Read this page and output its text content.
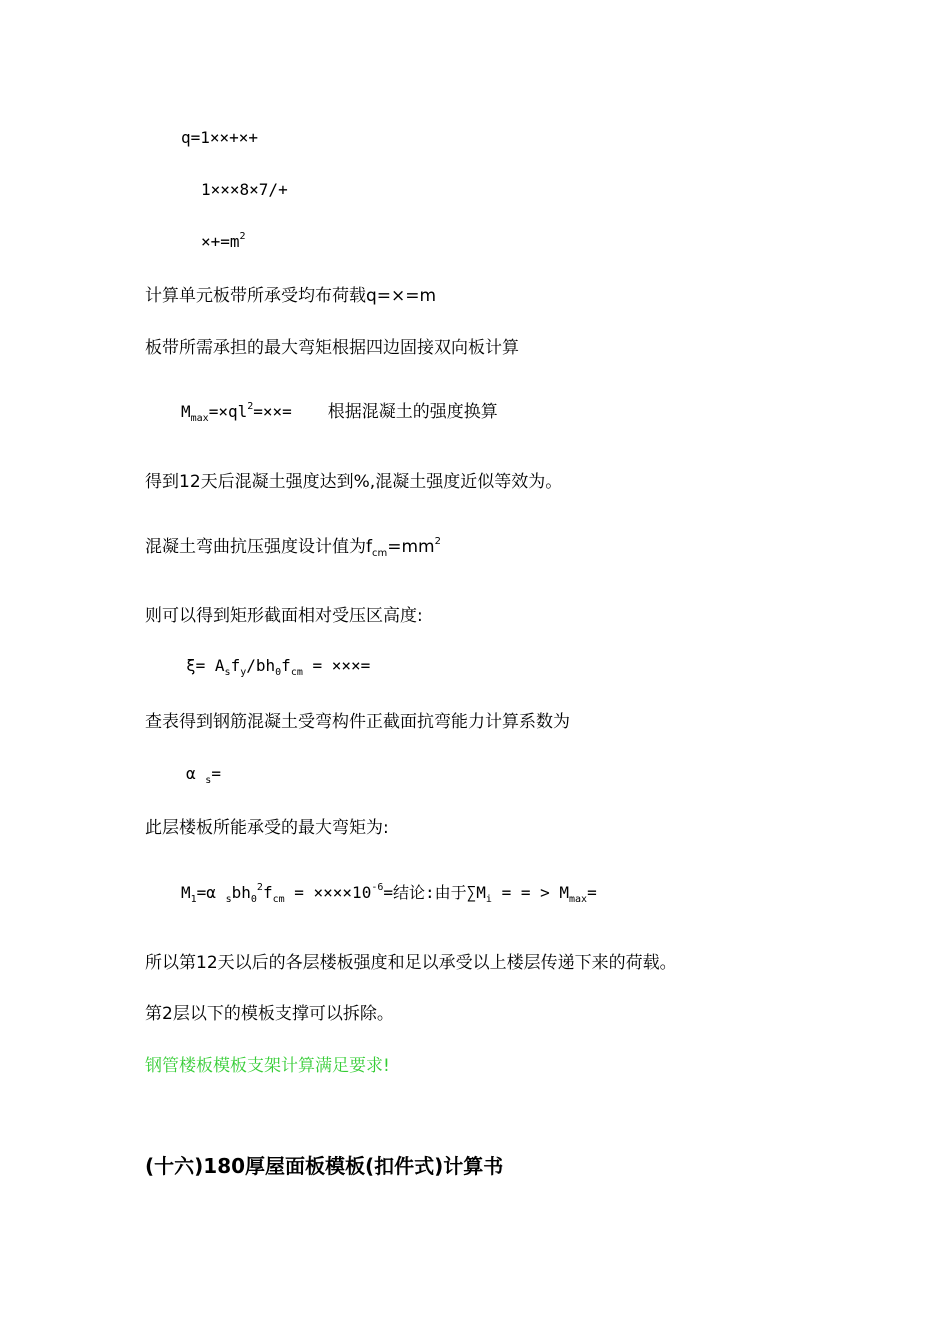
q=1××+×+
1×××8×7/+
$\times+=m^2$
计算单元板带所承受均布荷载q=×=m
板带所需承担的最大弯矩根据四边固接双向板计算
$M_{max}=\times ql^2=\times\times=$ 根据混凝土的强度换算
得到12天后混凝土强度达到%,混凝土强度近似等效为。
混凝土弯曲抗压强度设计值为$f_{cm}=mm^2$
则可以得到矩形截面相对受压区高度:
$\xi= A_sf_y/bh_0f_{cm}$ = ×××=
查表得到钢筋混凝土受弯构件正截面抗弯能力计算系数为
α $_s$=
此层楼板所能承受的最大弯矩为:
$M_1=\alpha$ $_sbh_0^2f_{cm} = \times\times\times\times 10^{-6}=$结论:由于$\sum M_i$ = = > $M_{max}=$
所以第12天以后的各层楼板强度和足以承受以上楼层传递下来的荷载。
第2层以下的模板支撑可以拆除。
钢管楼板模板支架计算满足要求!
(十六)180厚屋面板模板(扣件式)计算书
